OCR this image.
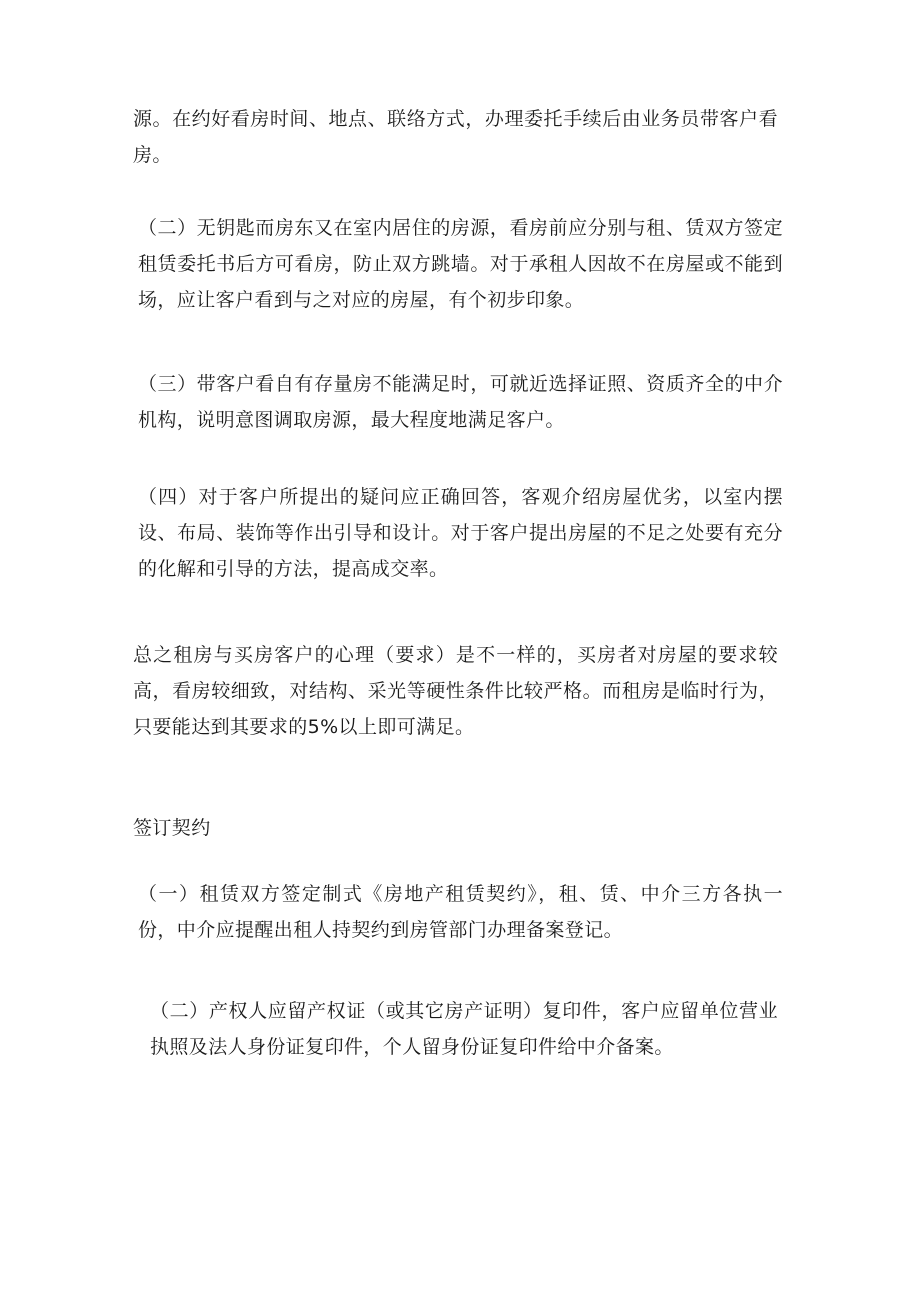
源。在约好看房时间、地点、联络方式，办理委托手续后由业务员带客户看房。

（二）无钥匙而房东又在室内居住的房源，看房前应分别与租、赁双方签定租赁委托书后方可看房，防止双方跳墙。对于承租人因故不在房屋或不能到场，应让客户看到与之对应的房屋，有个初步印象。

（三）带客户看自有存量房不能满足时，可就近选择证照、资质齐全的中介机构，说明意图调取房源，最大程度地满足客户。

（四）对于客户所提出的疑问应正确回答，客观介绍房屋优劣，以室内摆设、布局、装饰等作出引导和设计。对于客户提出房屋的不足之处要有充分的化解和引导的方法，提高成交率。

总之租房与买房客户的心理（要求）是不一样的，买房者对房屋的要求较高，看房较细致，对结构、采光等硬性条件比较严格。而租房是临时行为，只要能达到其要求的5%以上即可满足。

签订契约

（一）租赁双方签定制式《房地产租赁契约》，租、赁、中介三方各执一份，中介应提醒出租人持契约到房管部门办理备案登记。

（二）产权人应留产权证（或其它房产证明）复印件，客户应留单位营业执照及法人身份证复印件，个人留身份证复印件给中介备案。
